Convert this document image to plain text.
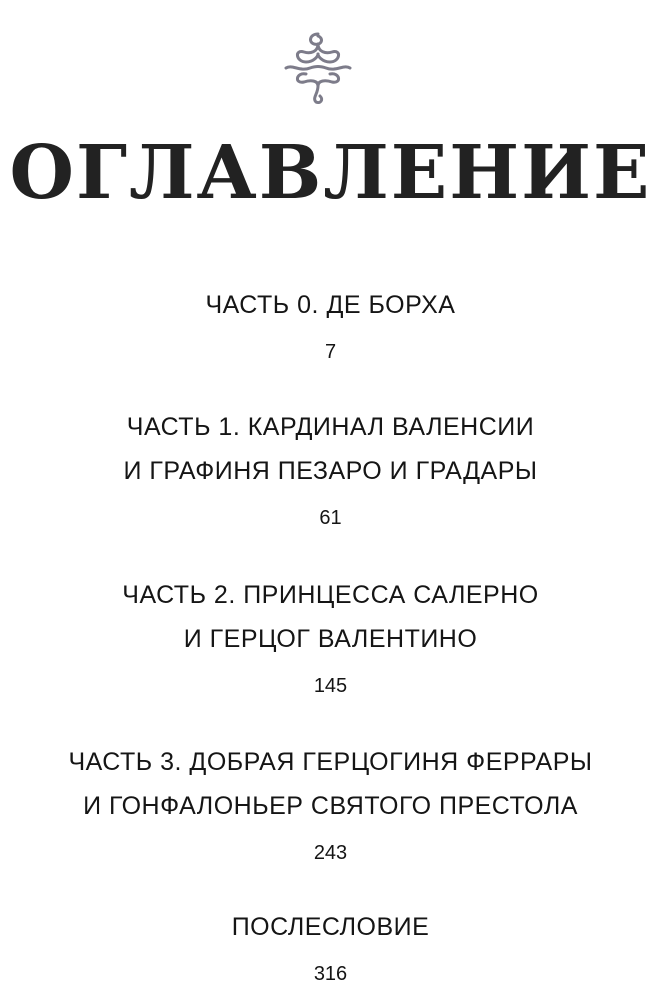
ОГЛАВЛЕНИЕ
ЧАСТЬ 0. ДЕ БОРХА
7
ЧАСТЬ 1. КАРДИНАЛ ВАЛЕНСИИ
И ГРАФИНЯ ПЕЗАРО И ГРАДАРЫ
61
ЧАСТЬ 2. ПРИНЦЕССА САЛЕРНО
И ГЕРЦОГ ВАЛЕНТИНО
145
ЧАСТЬ 3. ДОБРАЯ ГЕРЦОГИНЯ ФЕРРАРЫ
И ГОНФАЛОНЬЕР СВЯТОГО ПРЕСТОЛА
243
ПОСЛЕСЛОВИЕ
316
